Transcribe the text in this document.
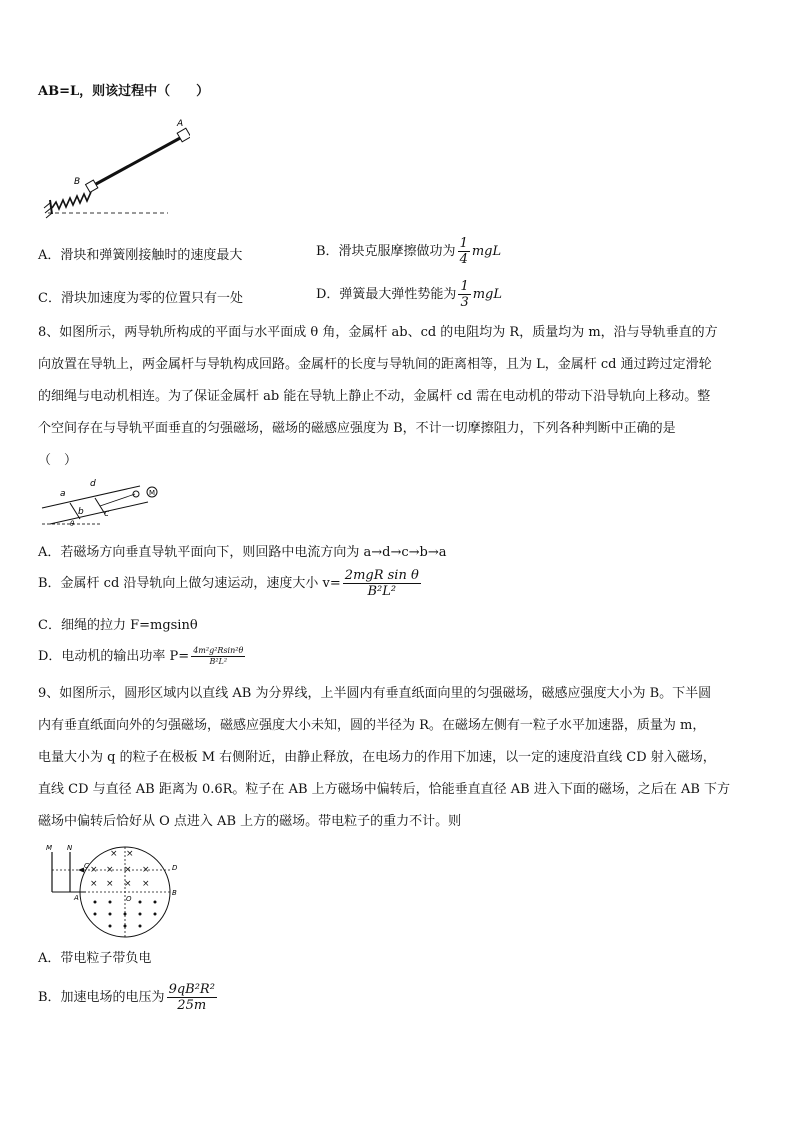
AB=L，则该过程中（　　）
A
B
A．滑块和弹簧刚接触时的速度最大	B．滑块克服摩擦做功为 $\frac{1}{4}$ mgL
C．滑块加速度为零的位置只有一处	D．弹簧最大弹性势能为 $\frac{1}{3}$ mgL
8、如图所示，两导轨所构成的平面与水平面成 θ 角，金属杆 ab、cd 的电阻均为 R，质量均为 m，沿与导轨垂直的方
向放置在导轨上，两金属杆与导轨构成回路。金属杆的长度与导轨间的距离相等，且为 L，金属杆 cd 通过跨过定滑轮
的细绳与电动机相连。为了保证金属杆 ab 能在导轨上静止不动，金属杆 cd 需在电动机的带动下沿导轨向上移动。整
个空间存在与导轨平面垂直的匀强磁场，磁场的磁感应强度为 B，不计一切摩擦阻力，下列各种判断中正确的是
（　）
M
a
b c
d
θ
A．若磁场方向垂直导轨平面向下，则回路中电流方向为 a→d→c→b→a
B．金属杆 cd 沿导轨向上做匀速运动，速度大小 $v= \frac{\text{2mgR sin θ}}{\text{B²L²}}$
C．细绳的拉力 F=mgsinθ
D．电动机的输出功率 $P= \frac{\text{4m²g²Rsin²θ}}{\text{B²L²}}$
9、如图所示，圆形区域内以直线 AB 为分界线，上半圆内有垂直纸面向里的匀强磁场，磁感应强度大小为 B。下半圆
内有垂直纸面向外的匀强磁场，磁感应强度大小未知，圆的半径为 R。在磁场左侧有一粒子水平加速器，质量为 m，
电量大小为 q 的粒子在极板 M 右侧附近，由静止释放，在电场力的作用下加速，以一定的速度沿直线 CD 射入磁场，
直线 CD 与直径 AB 距离为 0.6R。粒子在 AB 上方磁场中偏转后，恰能垂直直径 AB 进入下面的磁场，之后在 AB 下方
磁场中偏转后恰好从 O 点进入 AB 上方的磁场。带电粒子的重力不计。则
M N
C	D
A
B
O
× ×
× × × ×
× × × ×
A．带电粒子带负电
B．加速电场的电压为 $\frac{\text{9qB²R²}}{25m}$
